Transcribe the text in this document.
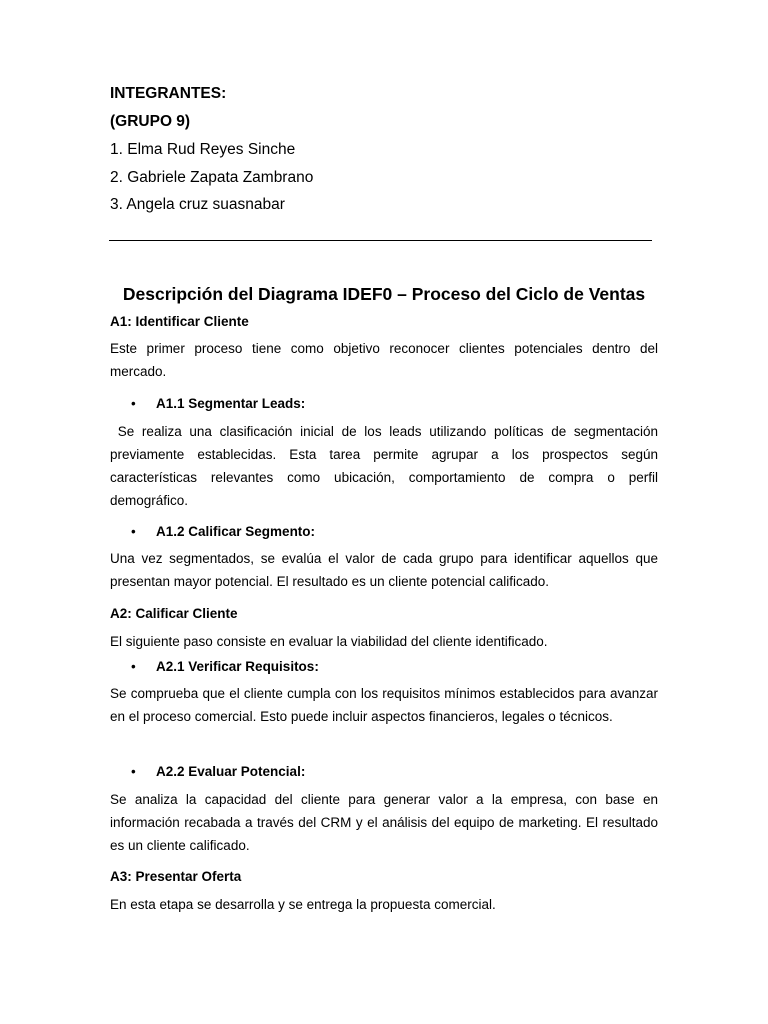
INTEGRANTES:
(GRUPO 9)
1. Elma Rud Reyes Sinche
2. Gabriele Zapata Zambrano
3. Angela cruz suasnabar
Descripción del Diagrama IDEF0 – Proceso del Ciclo de Ventas
A1: Identificar Cliente
Este primer proceso tiene como objetivo reconocer clientes potenciales dentro del mercado.
• A1.1 Segmentar Leads:
Se realiza una clasificación inicial de los leads utilizando políticas de segmentación previamente establecidas. Esta tarea permite agrupar a los prospectos según características relevantes como ubicación, comportamiento de compra o perfil demográfico.
• A1.2 Calificar Segmento:
Una vez segmentados, se evalúa el valor de cada grupo para identificar aquellos que presentan mayor potencial. El resultado es un cliente potencial calificado.
A2: Calificar Cliente
El siguiente paso consiste en evaluar la viabilidad del cliente identificado.
• A2.1 Verificar Requisitos:
Se comprueba que el cliente cumpla con los requisitos mínimos establecidos para avanzar en el proceso comercial. Esto puede incluir aspectos financieros, legales o técnicos.
• A2.2 Evaluar Potencial:
Se analiza la capacidad del cliente para generar valor a la empresa, con base en información recabada a través del CRM y el análisis del equipo de marketing. El resultado es un cliente calificado.
A3: Presentar Oferta
En esta etapa se desarrolla y se entrega la propuesta comercial.
